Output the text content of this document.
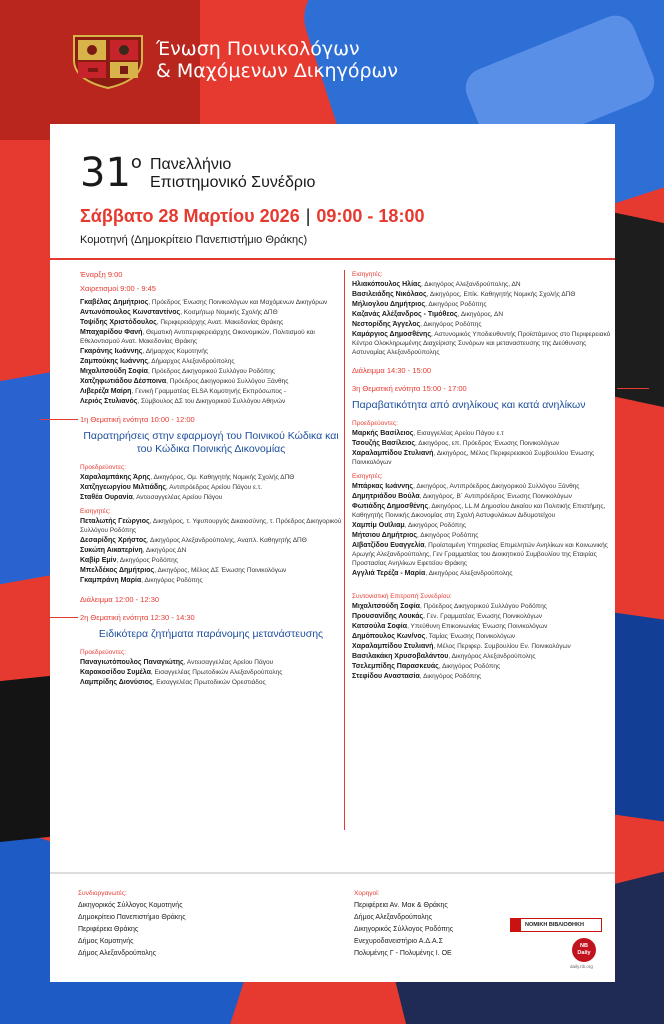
Ένωση Ποινικολόγων
& Μαχόμενων Δικηγόρων
$31^o$ Πανελλήνιο
Επιστημονικό Συνέδριο
Σάββατο 28 Μαρτίου 2026 | 09:00 - 18:00
Κομοτηνή (Δημοκρίτειο Πανεπιστήμιο Θράκης)
Έναρξη 9:00
Χαιρετισμοί 9:00 - 9:45
Γκαβέλας Δημήτριος, Πρόεδρος Ένωσης Ποινικολόγων και Μαχόμενων Δικηγόρων
Αντωνόπουλος Κωνσταντίνος, Κοσμήτωρ Νομικής Σχολής ΔΠΘ
Τοψίδης Χριστόδουλος, Περιφερειάρχης Ανατ. Μακεδονίας Θράκης
Μπαχαρίδου Φανή, Θεματική Αντιπεριφερειάρχης Οικονομικών, Πολιτισμού και Εθελοντισμού Ανατ. Μακεδονίας Θράκης
Γκαράνης Ιωάννης, Δήμαρχος Κομοτηνής
Ζαμπούκης Ιωάννης, Δήμαρχος Αλεξανδρούπολης
Μιχαλιτσούδη Σοφία, Πρόεδρος Δικηγορικού Συλλόγου Ροδόπης
Χατζηφωτιάδου Δέσποινα, Πρόεδρος Δικηγορικού Συλλόγου Ξάνθης
Λιβερέζα Μαίρη, Γενική Γραμματέας ELSA Κομοτηνής Εκπρόσωπος -
Λεριός Στυλιανός, Σύμβουλος ΔΣ του Δικηγορικού Συλλόγου Αθηνών
1η Θεματική ενότητα 10:00 - 12:00
Παρατηρήσεις στην εφαρμογή του Ποινικού Κώδικα και του Κώδικα Ποινικής Δικονομίας
Προεδρεύοντες:
Χαραλαμπάκης Άρης, Δικηγόρος, Ομ. Καθηγητής Νομικής Σχολής ΔΠΘ
Χατζηγεωργίου Μιλτιάδης, Αντιπρόεδρος Αρείου Πάγου ε.τ.
Σταθέα Ουρανία, Αντεισαγγελέας Αρείου Πάγου
Εισηγητές:
Πεταλωτής Γεώργιος, Δικηγόρος, τ. Υφυπουργός Δικαιοσύνης, τ. Πρόεδρος Δικηγορικού Συλλόγου Ροδόπης
Δεσαρίδης Χρήστος, Δικηγόρος Αλεξανδρούπολης, Αναπλ. Καθηγητής ΔΠΘ
Συκώτη Αικατερίνη, Δικηγόρος ΔΝ
Καβίρ Εμίν, Δικηγόρος Ροδόπης
Μπελδέκος Δημήτριος, Δικηγόρος, Μέλος ΔΣ Ένωσης Ποινικολόγων
Γκαμπράνη Μαρία, Δικηγόρος Ροδόπης
Διάλειμμα 12:00 - 12:30
2η Θεματική ενότητα 12:30 - 14:30
Ειδικότερα ζητήματα παράνομης μετανάστευσης
Προεδρεύοντες:
Παναγιωτόπουλος Παναγιώτης, Αντεισαγγελέας Αρείου Πάγου
Καρακοσίδου Συμέλα, Εισαγγελέας Πρωτοδικών Αλεξανδρούπολης
Λαμπρίδης Διονύσιος, Εισαγγελέας Πρωτοδικών Ορεστιάδος
Εισηγητές:
Ηλιακόπουλος Ηλίας, Δικηγόρος Αλεξανδρούπολης, ΔΝ
Βασιλειάδης Νικόλαος, Δικηγόρος, Επίκ. Καθηγητής Νομικής Σχολής ΔΠΘ
Μήλιογλου Δημήτριος, Δικηγόρος Ροδόπης
Καζανάς Αλέξανδρος - Τιμόθεος, Δικηγόρος, ΔΝ
Νεστορίδης Άγγελος, Δικηγόρος Ροδόπης
Καμάργιος Δημοσθένης, Αστυνομικός Υποδιευθυντής Προϊστάμενος στο Περιφερειακό Κέντρο Ολοκληρωμένης Διαχείρισης Συνόρων και μεταναστευσης της Διεύθυνσης Αστυνομίας Αλεξανδρούπολης
Διάλειμμα 14:30 - 15:00
3η Θεματική ενότητα 15:00 - 17:00
Παραβατικότητα από ανηλίκους και κατά ανηλίκων
Προεδρεύοντες:
Μαρκής Βασίλειος, Εισαγγελέας Αρείου Πάγου ε.τ
Τσουζής Βασίλειος, Δικηγόρος, επ. Πρόεδρος Ένωσης Ποινικολόγων
Χαραλαμπίδου Στυλιανή, Δικηγόρος, Μέλος Περιφερειακού Συμβουλίου Ένωσης Ποινικολόγων
Εισηγητές:
Μπάρκας Ιωάννης, Δικηγόρος, Αντιπρόεδρος Δικηγορικού Συλλόγου Ξάνθης
Δημητριάδου Βούλα, Δικηγόρος, Β΄ Αντιπρόεδρος Ένωσης Ποινικολόγων
Φωτιάδης Δημοσθένης, Δικηγόρος, LL.M Δημοσίου Δικαίου και Πολιτικής Επιστήμης, Καθηγητής Ποινικής Δικονομίας στη Σχολή Αστυφυλάκων Διδυμοτείχου
Χαμπίμ Ουϊλιαμ, Δικηγόρος Ροδόπης
Μήτσιου Δημήτριος, Δικηγόρος Ροδόπης
Αϊβατζίδου Ευαγγελία, Προϊσταμένη Υπηρεσίας Επιμελητών Ανηλίκων και Κοινωνικής Αρωγής Αλεξανδρούπολης, Γεν Γραμματέας του Διοικητικού Συμβουλίου της Εταιρίας Προστασίας Ανηλίκων Εφετείου Θράκης
Αγγλιά Τερέζα - Μαρία, Δικηγόρος Αλεξανδρούπολης
Συντονιστική Επιτροπή Συνεδρίου:
Μιχαλιτσούδη Σοφία, Πρόεδρος Δικηγορικού Συλλόγου Ροδόπης
Προυσανίδης Λουκάς, Γεν. Γραμματέας Ένωσης Ποινικολόγων
Κατσούλα Σοφία, Υπεύθυνη Επικοινωνίας Ένωσης Ποινικολόγων
Δημόπουλος Κων/νος, Ταμίας Ένωσης Ποινικολόγων
Χαραλαμπίδου Στυλιανή, Μέλος Περιφερ. Συμβουλίου Εν. Ποινικολόγων
Βασιλακάκη Χρυσοβαλάντου, Δικηγόρος Αλεξανδρούπολης
Τσελεμπίδης Παρασκευάς, Δικηγόρος Ροδόπης
Στεφίδου Αναστασία, Δικηγόρος Ροδόπης
Συνδιοργανωτές:
Δικηγορικός Σύλλογος Κομοτηνής
Δημοκρίτειο Πανεπιστήμιο Θράκης
Περιφέρεια Θράκης
Δήμος Κομοτηνής
Δήμος Αλεξανδρούπολης
Χορηγοί:
Περιφέρεια Αν. Μακ & Θράκης
Δήμος Αλεξανδρούπολης
Δικηγορικός Σύλλογος Ροδόπης
Ενεχυροδανειστήριο Α.Δ.Α.Σ
Πολυμένης Γ - Πολυμένης Ι. ΟΕ
ΝΟΜΙΚΗ ΒΙΒΛΙΟΘΗΚΗ
NB
Daily
daily.nb.org
